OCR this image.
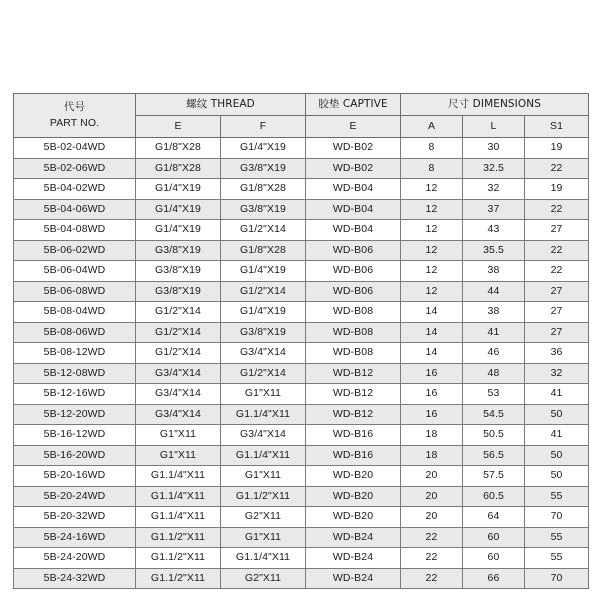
代号
PART NO.	螺纹 THREAD		胶垫 CAPTIVE	尺寸 DIMENSIONS		
	E	F	E	A	L	S1
5B-02-04WD	G1/8"X28	G1/4"X19	WD-B02	8	30	19
5B-02-06WD	G1/8"X28	G3/8"X19	WD-B02	8	32.5	22
5B-04-02WD	G1/4"X19	G1/8"X28	WD-B04	12	32	19
5B-04-06WD	G1/4"X19	G3/8"X19	WD-B04	12	37	22
5B-04-08WD	G1/4"X19	G1/2"X14	WD-B04	12	43	27
5B-06-02WD	G3/8"X19	G1/8"X28	WD-B06	12	35.5	22
5B-06-04WD	G3/8"X19	G1/4"X19	WD-B06	12	38	22
5B-06-08WD	G3/8"X19	G1/2"X14	WD-B06	12	44	27
5B-08-04WD	G1/2"X14	G1/4"X19	WD-B08	14	38	27
5B-08-06WD	G1/2"X14	G3/8"X19	WD-B08	14	41	27
5B-08-12WD	G1/2"X14	G3/4"X14	WD-B08	14	46	36
5B-12-08WD	G3/4"X14	G1/2"X14	WD-B12	16	48	32
5B-12-16WD	G3/4"X14	G1"X11	WD-B12	16	53	41
5B-12-20WD	G3/4"X14	G1.1/4"X11	WD-B12	16	54.5	50
5B-16-12WD	G1"X11	G3/4"X14	WD-B16	18	50.5	41
5B-16-20WD	G1"X11	G1.1/4"X11	WD-B16	18	56.5	50
5B-20-16WD	G1.1/4"X11	G1"X11	WD-B20	20	57.5	50
5B-20-24WD	G1.1/4"X11	G1.1/2"X11	WD-B20	20	60.5	55
5B-20-32WD	G1.1/4"X11	G2"X11	WD-B20	20	64	70
5B-24-16WD	G1.1/2"X11	G1"X11	WD-B24	22	60	55
5B-24-20WD	G1.1/2"X11	G1.1/4"X11	WD-B24	22	60	55
5B-24-32WD	G1.1/2"X11	G2"X11	WD-B24	22	66	70
